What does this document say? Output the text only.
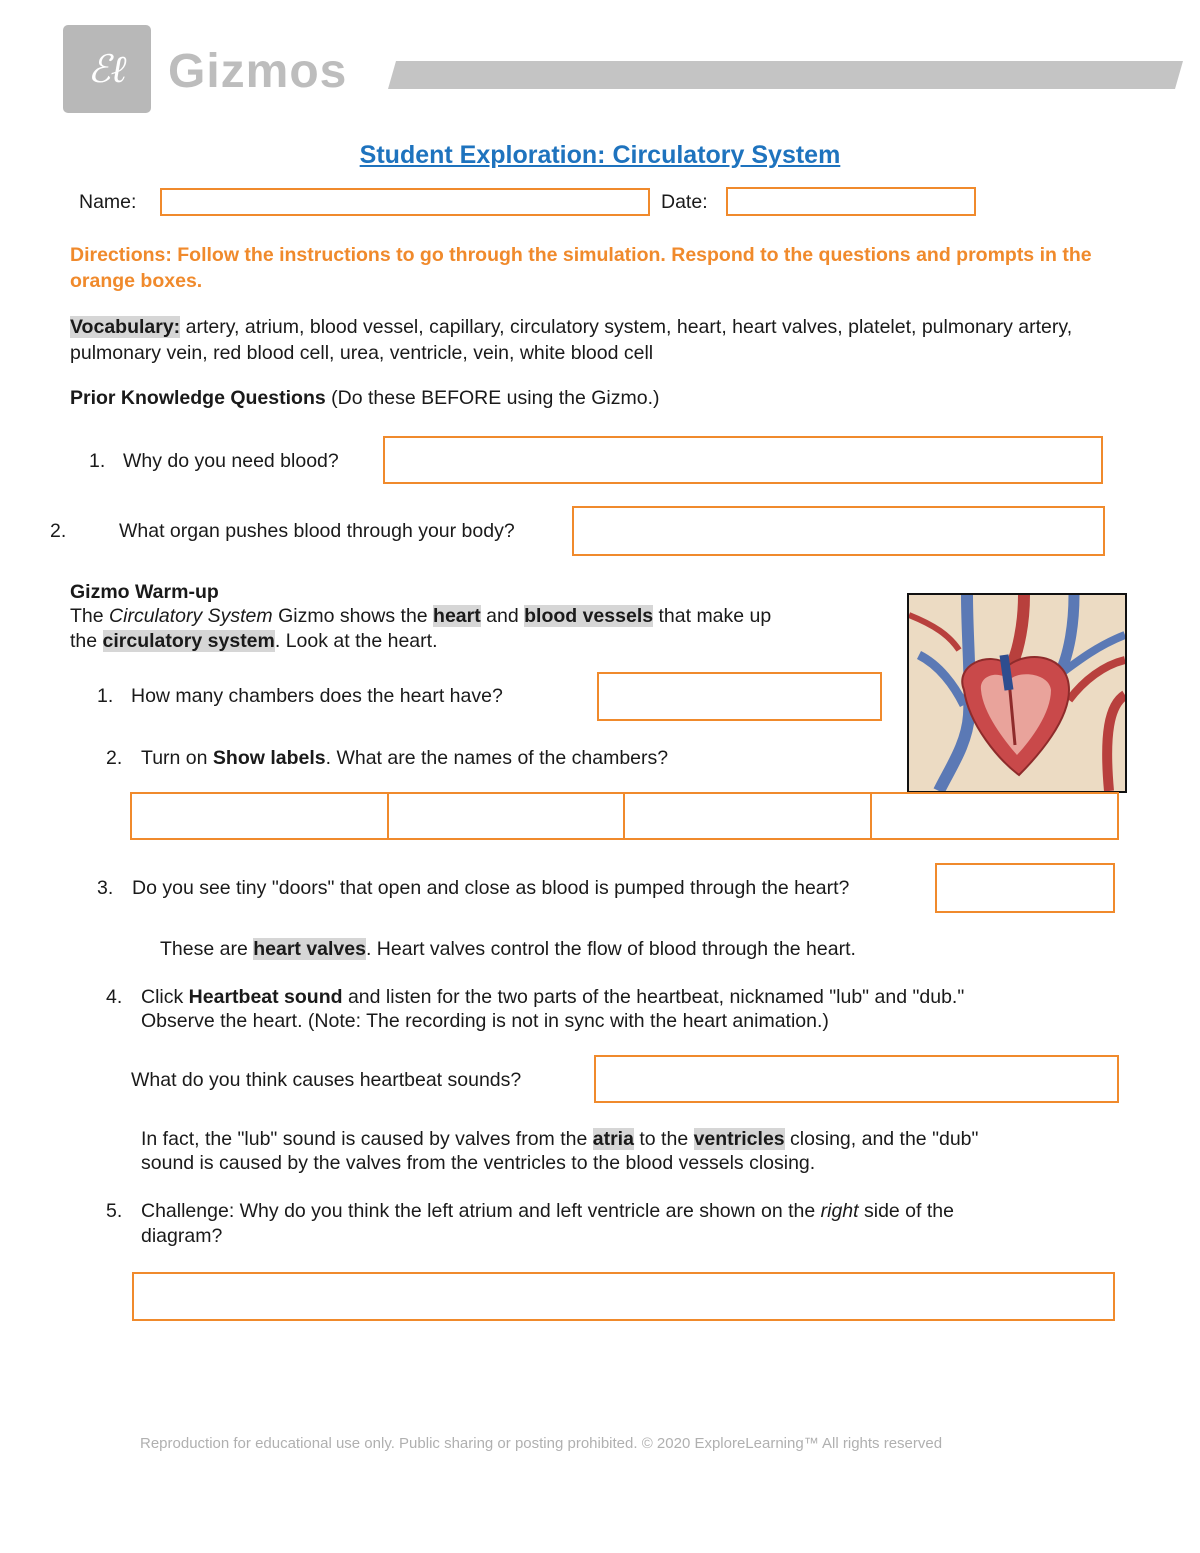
ℰℓ Gizmos
Student Exploration: Circulatory System
Name:	Date:
Directions: Follow the instructions to go through the simulation. Respond to the questions and prompts in the orange boxes.
Vocabulary: artery, atrium, blood vessel, capillary, circulatory system, heart, heart valves, platelet, pulmonary artery, pulmonary vein, red blood cell, urea, ventricle, vein, white blood cell
Prior Knowledge Questions (Do these BEFORE using the Gizmo.)
1. Why do you need blood?
2.	What organ pushes blood through your body?
Gizmo Warm-up
The Circulatory System Gizmo shows the heart and blood vessels that make up
the circulatory system. Look at the heart.
1. How many chambers does the heart have?
2. Turn on Show labels. What are the names of the chambers?
3. Do you see tiny "doors" that open and close as blood is pumped through the heart?
These are heart valves. Heart valves control the flow of blood through the heart.
4. Click Heartbeat sound and listen for the two parts of the heartbeat, nicknamed "lub" and "dub."
Observe the heart. (Note: The recording is not in sync with the heart animation.)
What do you think causes heartbeat sounds?
In fact, the "lub" sound is caused by valves from the atria to the ventricles closing, and the "dub"
sound is caused by the valves from the ventricles to the blood vessels closing.
5. Challenge: Why do you think the left atrium and left ventricle are shown on the right side of the
diagram?
Reproduction for educational use only. Public sharing or posting prohibited. © 2020 ExploreLearning™ All rights reserved
